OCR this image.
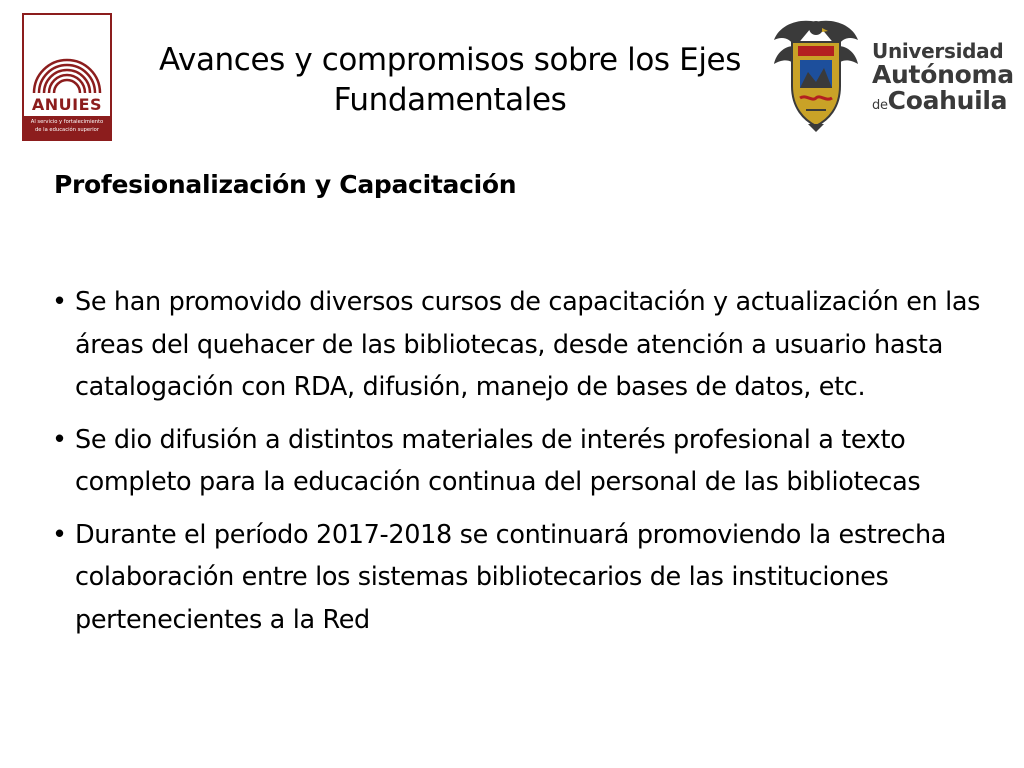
ANUIES
Al servicio y fortalecimiento
de la educación superior
Avances y compromisos sobre los Ejes Fundamentales
Universidad
Autónoma
deCoahuila
Profesionalización y Capacitación
• Se han promovido diversos cursos de capacitación y actualización en las áreas del quehacer de las bibliotecas, desde atención a usuario hasta catalogación con RDA, difusión, manejo de bases de datos, etc.
• Se dio difusión a distintos materiales de interés profesional a texto completo para la educación continua del personal de las bibliotecas
• Durante el período 2017-2018 se continuará promoviendo la estrecha colaboración entre los sistemas bibliotecarios de las instituciones pertenecientes a la Red
